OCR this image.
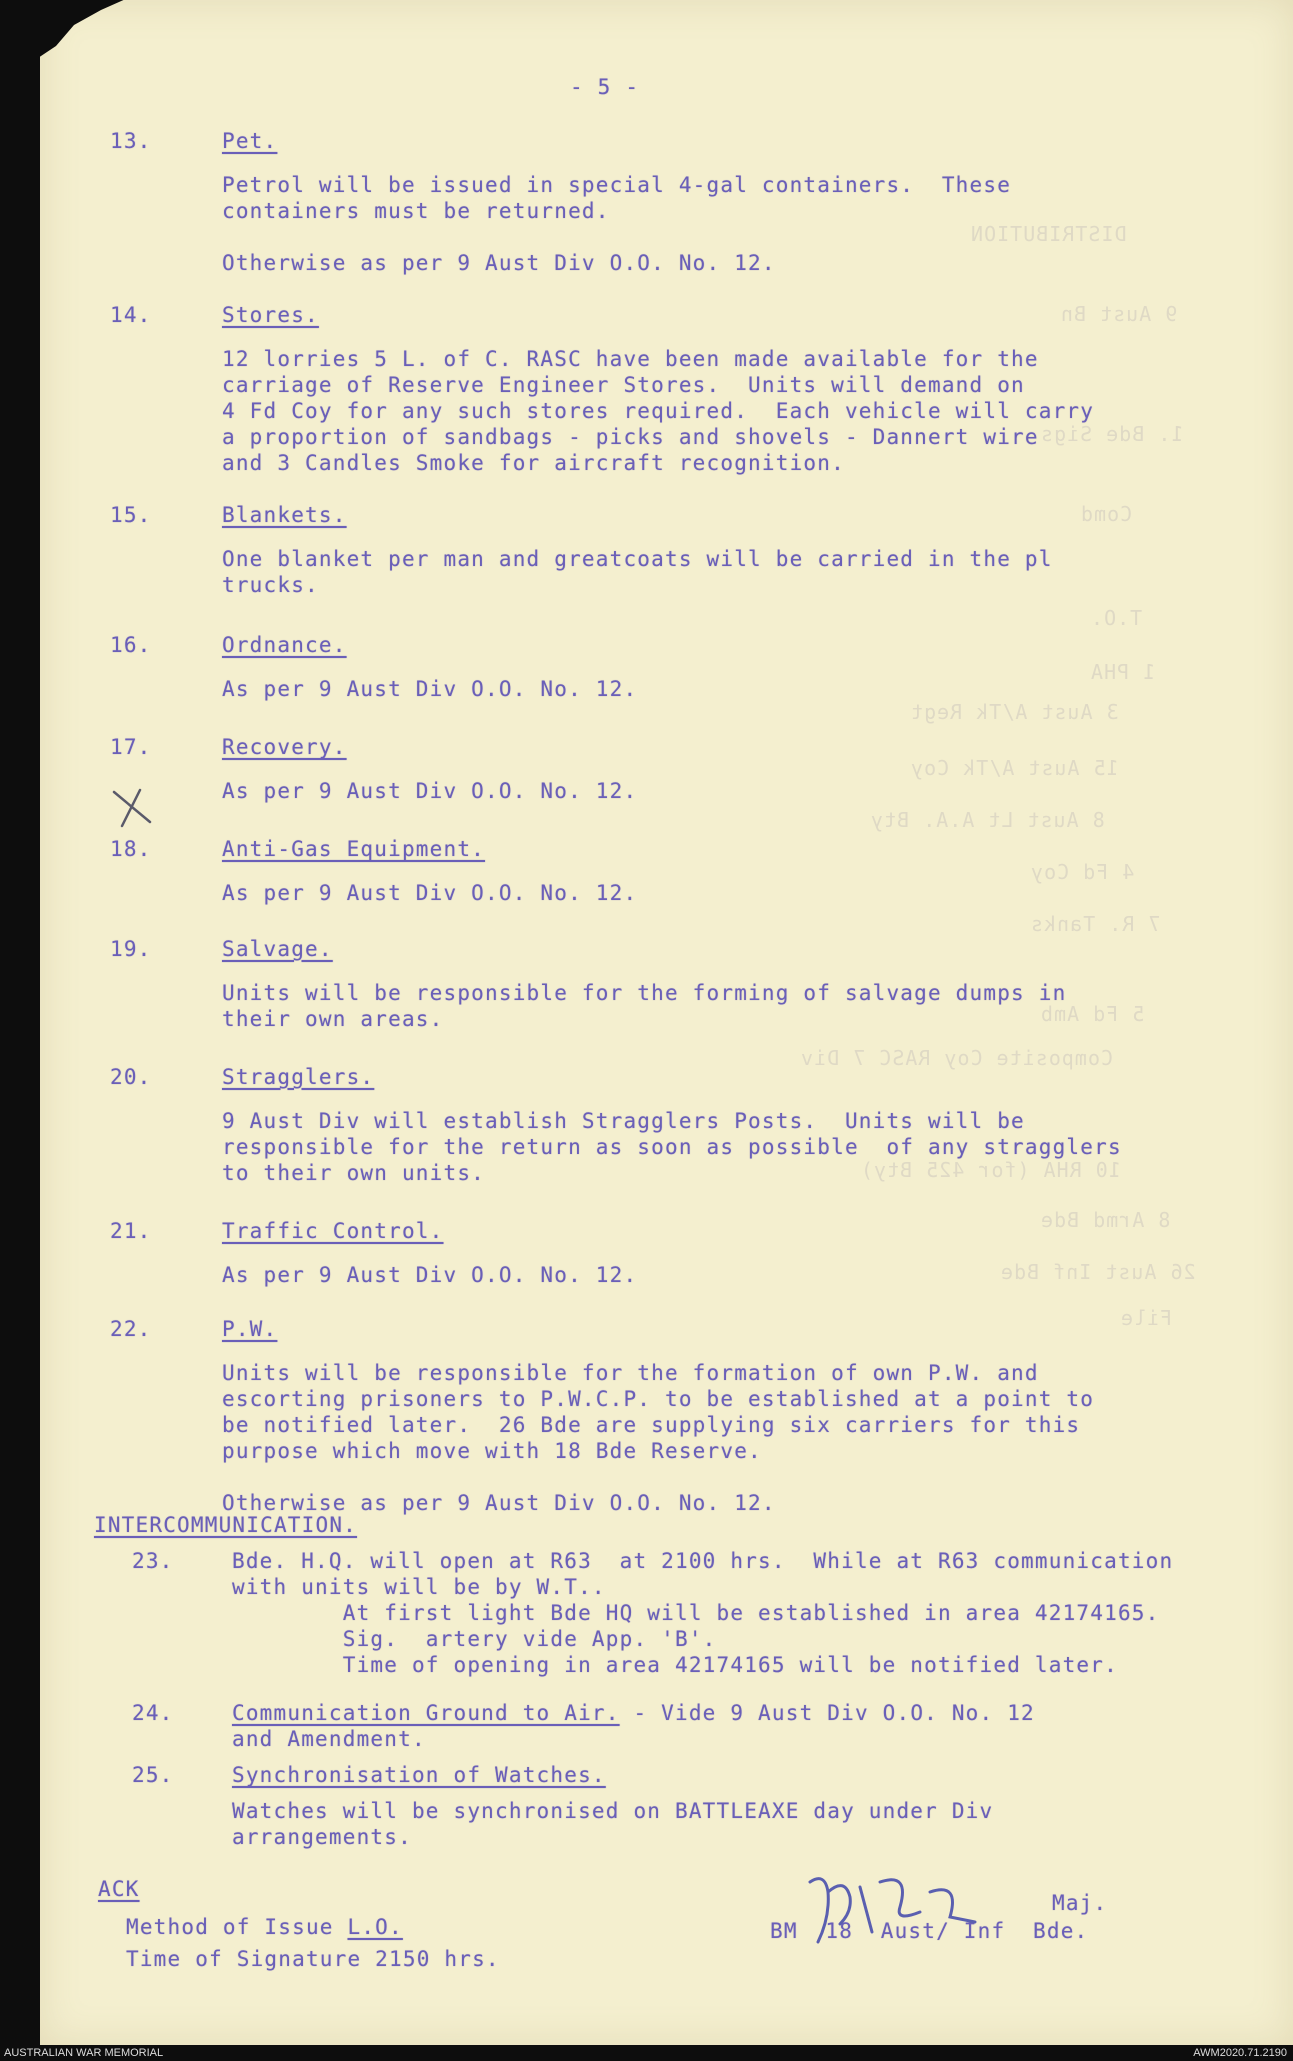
DISTRIBUTION
9 Aust Bn
1. Bde Sigs
Comd
T.O.
1 PHA
3 Aust A/Tk Regt
15 Aust A/Tk Coy
8 Aust Lt A.A. Bty
4 Fd Coy
7 R. Tanks
5 Fd Amb
Composite Coy RASC 7 Div
10 RHA (for 425 Bty)
8 Armd Bde
26 Aust Inf Bde
File
- 5 -
13.	Pet.
Petrol will be issued in special 4-gal containers.  These
containers must be returned.
Otherwise as per 9 Aust Div O.O. No. 12.
14.	Stores.
12 lorries 5 L. of C. RASC have been made available for the
carriage of Reserve Engineer Stores.  Units will demand on
4 Fd Coy for any such stores required.  Each vehicle will carry
a proportion of sandbags - picks and shovels - Dannert wire
and 3 Candles Smoke for aircraft recognition.
15.	Blankets.
One blanket per man and greatcoats will be carried in the pl
trucks.
16.	Ordnance.
As per 9 Aust Div O.O. No. 12.
17.	Recovery.
As per 9 Aust Div O.O. No. 12.
18.	Anti-Gas Equipment.
As per 9 Aust Div O.O. No. 12.
19.	Salvage.
Units will be responsible for the forming of salvage dumps in
their own areas.
20.	Stragglers.
9 Aust Div will establish Stragglers Posts.  Units will be
responsible for the return as soon as possible  of any stragglers
to their own units.
21.	Traffic Control.
As per 9 Aust Div O.O. No. 12.
22.	P.W.
Units will be responsible for the formation of own P.W. and
escorting prisoners to P.W.C.P. to be established at a point to
be notified later.  26 Bde are supplying six carriers for this
purpose which move with 18 Bde Reserve.
Otherwise as per 9 Aust Div O.O. No. 12.
INTERCOMMUNICATION.
23.	Bde. H.Q. will open at R63  at 2100 hrs.  While at R63 communication
with units will be by W.T..
At first light Bde HQ will be established in area 42174165.
Sig.  artery vide App. 'B'.
Time of opening in area 42174165 will be notified later.
24.	Communication Ground to Air. - Vide 9 Aust Div O.O. No. 12
and Amendment.
25.	Synchronisation of Watches.
Watches will be synchronised on BATTLEAXE day under Div
arrangements.
ACK
Method of Issue L.O.
Time of Signature 2150 hrs.
Maj.
BM  18  Aust/ Inf  Bde.
AUSTRALIAN WAR MEMORIAL	AWM2020.71.2190
